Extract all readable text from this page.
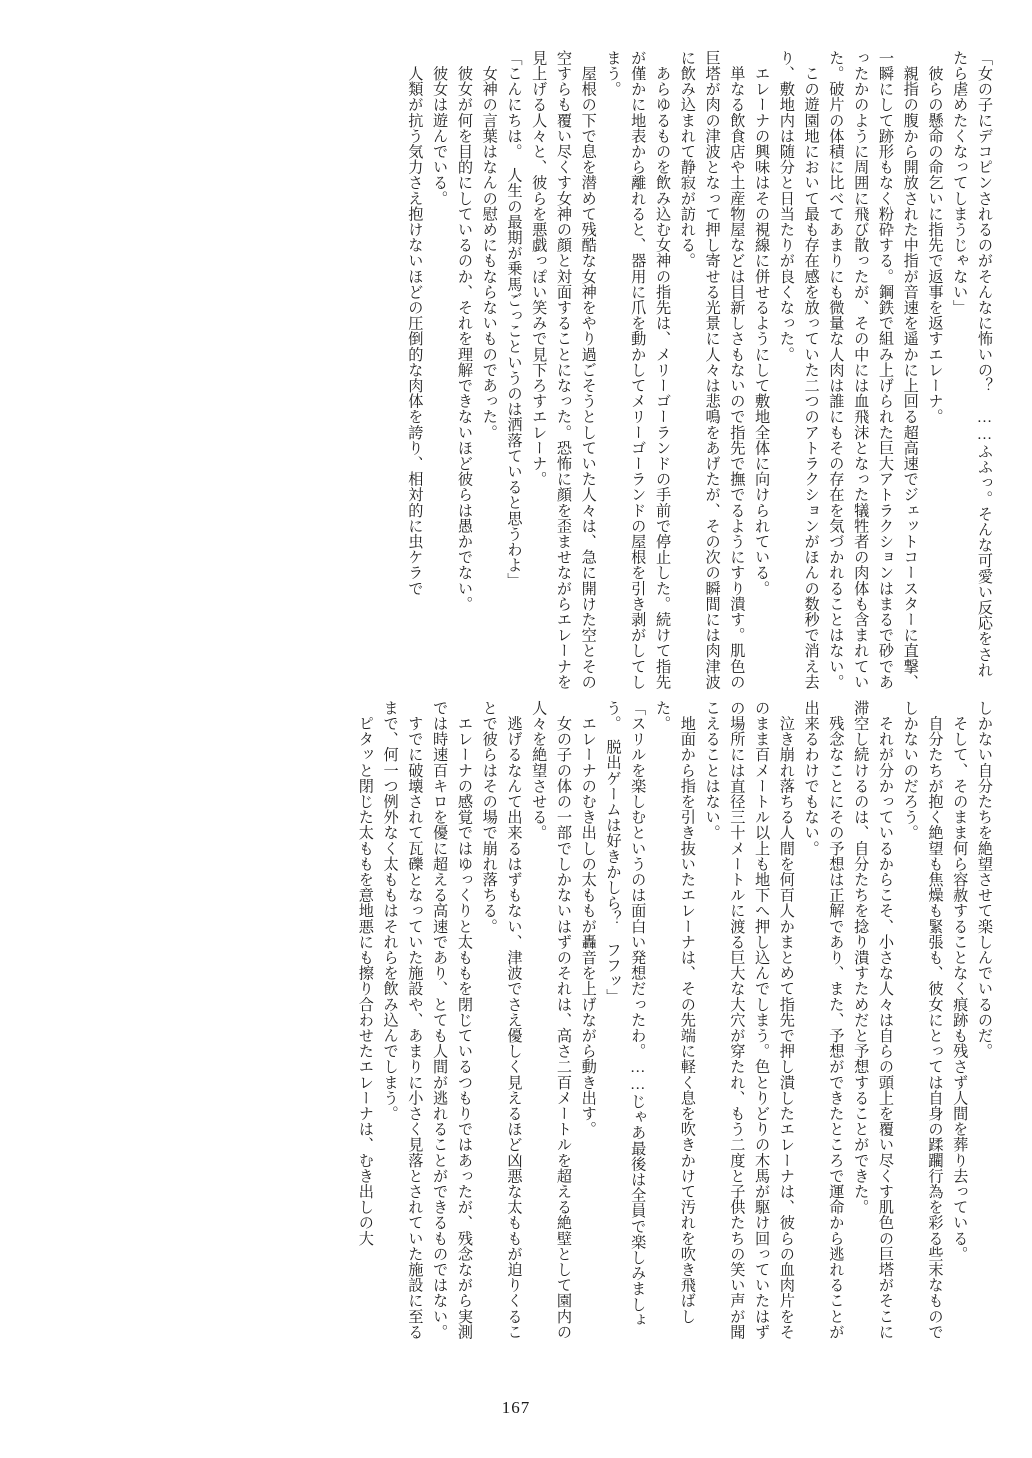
「女の子にデコピンされるのがそんなに怖いの？　……ふふっ。そんな可愛い反応をされたら虐めたくなってしまうじゃない」

　彼らの懸命の命乞いに指先で返事を返すエレーナ。

　親指の腹から開放された中指が音速を遥かに上回る超高速でジェットコースターに直撃、一瞬にして跡形もなく粉砕する。鋼鉄で組み上げられた巨大アトラクションはまるで砂であったかのように周囲に飛び散ったが、その中には血飛沫となった犠牲者の肉体も含まれていた。破片の体積に比べてあまりにも微量な人肉は誰にもその存在を気づかれることはない。

　この遊園地において最も存在感を放っていた二つのアトラクションがほんの数秒で消え去り、敷地内は随分と日当たりが良くなった。

　エレーナの興味はその視線に併せるようにして敷地全体に向けられている。

　単なる飲食店や土産物屋などは目新しさもないので指先で撫でるようにすり潰す。肌色の巨塔が肉の津波となって押し寄せる光景に人々は悲鳴をあげたが、その次の瞬間には肉津波に飲み込まれて静寂が訪れる。

　あらゆるものを飲み込む女神の指先は、メリーゴーランドの手前で停止した。続けて指先が僅かに地表から離れると、器用に爪を動かしてメリーゴーランドの屋根を引き剥がしてしまう。

　屋根の下で息を潜めて残酷な女神をやり過ごそうとしていた人々は、急に開けた空とその空すらも覆い尽くす女神の顔と対面することになった。恐怖に顔を歪ませながらエレーナを見上げる人々と、彼らを悪戯っぽい笑みで見下ろすエレーナ。

「こんにちは。　人生の最期が乗馬ごっこというのは洒落ていると思うわよ」

　女神の言葉はなんの慰めにもならないものであった。

　彼女が何を目的にしているのか、それを理解できないほど彼らは愚かでない。

　彼女は遊んでいる。

　人類が抗う気力さえ抱けないほどの圧倒的な肉体を誇り、相対的に虫ケラで

しかない自分たちを絶望させて楽しんでいるのだ。

　そして、そのまま何ら容赦することなく痕跡も残さず人間を葬り去っている。

　自分たちが抱く絶望も焦燥も緊張も、彼女にとっては自身の蹂躙行為を彩る些末なものでしかないのだろう。

　それが分かっているからこそ、小さな人々は自らの頭上を覆い尽くす肌色の巨塔がそこに滞空し続けるのは、自分たちを捻り潰すためだと予想することができた。

　残念なことにその予想は正解であり、また、予想ができたところで運命から逃れることが出来るわけでもない。

　泣き崩れ落ちる人間を何百人かまとめて指先で押し潰したエレーナは、彼らの血肉片をそのまま百メートル以上も地下へ押し込んでしまう。色とりどりの木馬が駆け回っていたはずの場所には直径三十メートルに渡る巨大な大穴が穿たれ、もう二度と子供たちの笑い声が聞こえることはない。

　地面から指を引き抜いたエレーナは、その先端に軽く息を吹きかけて汚れを吹き飛ばした。

「スリルを楽しむというのは面白い発想だったわ。……じゃあ最後は全員で楽しみましょう。　脱出ゲームは好きかしら？　フフッ」

　エレーナのむき出しの太ももが轟音を上げながら動き出す。

　女の子の体の一部でしかないはずのそれは、高さ二百メートルを超える絶壁として園内の人々を絶望させる。

　逃げるなんて出来るはずもない、津波でさえ優しく見えるほど凶悪な太ももが迫りくることで彼らはその場で崩れ落ちる。

　エレーナの感覚ではゆっくりと太ももを閉じているつもりではあったが、残念ながら実測では時速百キロを優に超える高速であり、とても人間が逃れることができるものではない。

　すでに破壊されて瓦礫となっていた施設や、あまりに小さく見落とされていた施設に至るまで、何一つ例外なく太ももはそれらを飲み込んでしまう。

　ピタッと閉じた太ももを意地悪にも擦り合わせたエレーナは、むき出しの大

167
